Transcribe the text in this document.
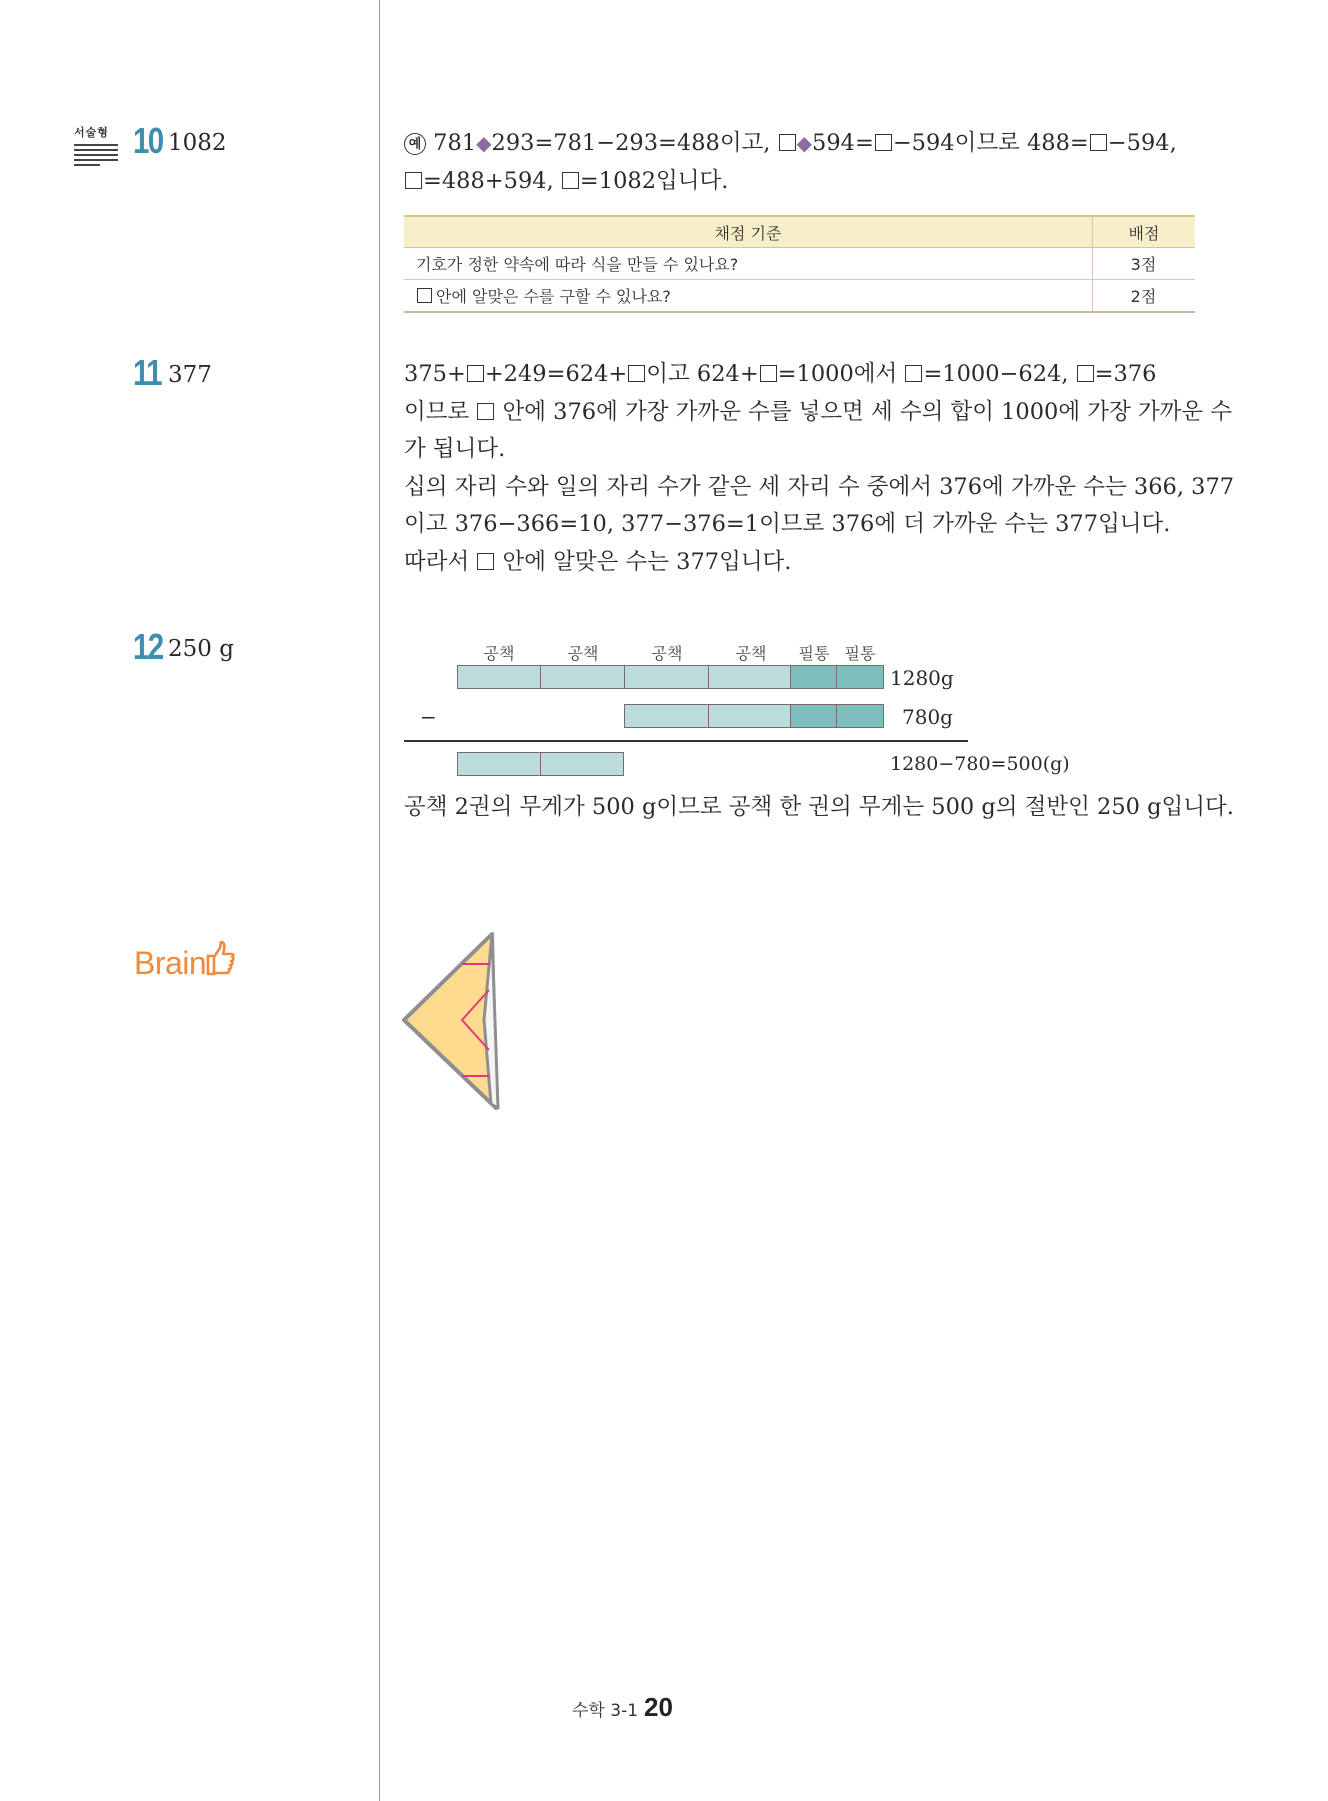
서술형 10 1082	예 781◆293=781−293=488이고, ◆594= −594이므로 488= −594,

=488+594, =1082입니다.

채점 기준	배점
기호가 정한 약속에 따라 식을 만들 수 있나요?	3점
안에 알맞은 수를 구할 수 있나요?	2점
11 377	375+ +249=624+ 이고 624+ =1000에서 =1000−624, =376

이므로 안에 376에 가장 가까운 수를 넣으면 세 수의 합이 1000에 가장 가까운 수

가 됩니다.

십의 자리 수와 일의 자리 수가 같은 세 자리 수 중에서 376에 가까운 수는 366, 377

이고 376−366=10, 377−376=1이므로 376에 더 가까운 수는 377입니다.

따라서 안에 알맞은 수는 377입니다.

12 250 g	공책	공책	공책	공책	필통 필통
1280g
−	780g
1280−780=500(g)

공책 2권의 무게가 500 g이므로 공책 한 권의 무게는 500 g의 절반인 250 g입니다.

Brain
수학 3-1 20
